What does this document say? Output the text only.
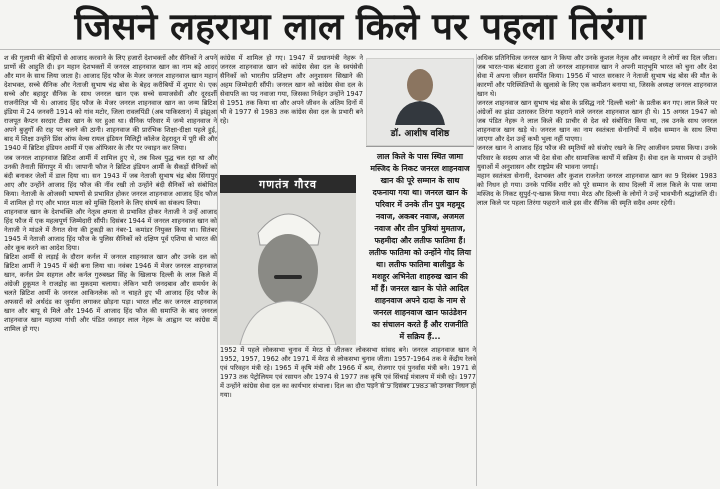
जिसने लहराया लाल किले पर पहला तिरंगा

श की गुलामी की बेड़ियों से आजाद करवाने के लिए हजारों देशभक्तों और सैनिकों ने अपने प्राणों की आहुति दी। इन महान देशभक्तों में जनरल शाहनवाज खान का नाम बड़े आदर और मान के साथ लिया जाता है। आजाद हिंद फौज के मेजर जनरल शाहनवाज खान महान देशभक्त, सच्चे सैनिक और नेताजी सुभाष चंद्र बोस के बेहद करीबियों में शुमार थे। एक सच्चे और बहादुर सैनिक के साथ जनरल खान एक सच्चे समाजसेवी और दूरदर्शी राजनीतिज्ञ भी थे। आजाद हिंद फौज के मेजर जनरल शाहनवाज खान का जन्म ब्रिटिश इंडिया में 24 जनवरी 1914 को गांव मटोर, जिला रावलपिंडी (अब पाकिस्तान) में झंझुआ राजपूत कैप्टन सरदार टीका खान के घर हुआ था। सैनिक परिवार में जन्मे शाहनवाज ने अपने बुजुर्गों की राह पर चलने की ठानी। शाहनवाज की प्रारंभिक शिक्षा-दीक्षा पहले हुई, बाद में शिक्षा उन्होंने प्रिंस ऑफ वेल्स रायल इंडियन मिलिट्री कॉलेज देहरादून में पूरी की और 1940 में ब्रिटिश इंडियन आर्मी में एक ऑफिसर के तौर पर ज्वाइन कर लिया।

जब जनरल शाहनवाज ब्रिटिश आर्मी में शामिल हुए थे, तब विश्व युद्ध चल रहा था और उनकी तैनाती सिंगापुर में थी। जापानी फौज ने ब्रिटिश इंडियन आर्मी के सैकड़ों सैनिकों को बंदी बनाकर जेलों में डाल दिया था। सन 1943 में जब नेताजी सुभाष चंद्र बोस सिंगापुर आए और उन्होंने आजाद हिंद फौज की नींव रखी तो उन्होंने बंदी सैनिकों को संबोधित किया। नेताजी के ओजस्वी भाषणों से प्रभावित होकर जनरल शाहनवाज आजाद हिंद फौज में शामिल हो गए और भारत माता को मुक्ति दिलाने के लिए संघर्ष का संकल्प लिया।

शाहनवाज खान के देशभक्ति और नेतृत्व क्षमता से प्रभावित होकर नेताजी ने उन्हें आजाद हिंद फौज में एक महत्वपूर्ण जिम्मेदारी सौंपी। दिसंबर 1944 में जनरल शाहनवाज खान को नेताजी ने मांडले में तैनात सेना की टुकड़ी का नंबर-1 कमांडर नियुक्त किया था। सितंबर 1945 में नेताजी आजाद हिंद फौज के पुलिस सैनिकों को दक्षिण पूर्व एशिया से भारत की ओर कूच करने का आदेश दिया।

ब्रिटिश आर्मी से लड़ाई के दौरान कर्नल में जनरल शाहनवाज खान और उनके दल को ब्रिटिश आर्मी ने 1945 में बंदी बना लिया था। नवंबर 1946 में मेजर जनरल शाहनवाज खान, कर्नल प्रेम सहगल और कर्नल गुरुबख्श सिंह के खिलाफ दिल्ली के लाल किले में अंग्रेजी हुकूमत ने राजद्रोह का मुकदमा चलाया। लेकिन भारी जनदबाव और समर्थन के चलते ब्रिटिश आर्मी के जनरल आकिनलेक को न चाहते हुए भी आजाद हिंद फौज के अफसरों को अर्थदंड का जुर्माना लगाकर छोड़ना पड़ा। भारत लौट कर जनरल शाहनवाज खान और बापू से मिले और 1946 में आजाद हिंद फौज की समाप्ति के बाद जनरल शाहनवाज खान महात्मा गांधी और पंडित जवाहर लाल नेहरू के आह्वान पर कांग्रेस में शामिल हो गए।

कांग्रेस में शामिल हो गए। 1947 में प्रधानमंत्री नेहरू ने जनरल शाहनवाज खान को कांग्रेस सेवा दल के स्वयंसेवी सैनिकों को भारतीय प्रशिक्षण और अनुशासन सिखाने की अहम जिम्मेदारी सौंपी। जनरल खान को कांग्रेस सेवा दल के सेवापति का पद नवाजा गया, जिसका निर्वहन उन्होंने 1947 से 1951 तक किया था और अपने जीवन के अंतिम दिनों में भी वे 1977 से 1983 तक कांग्रेस सेवा दल के प्रभारी बने रहे।

गणतंत्र गौरव

1952 में पहले लोकसभा चुनाव में मेरठ से जीतकर लोकसभा सांसद बने। जनरल शाहनवाज खान ने 1952, 1957, 1962 और 1971 में मेरठ से लोकसभा चुनाव जीता। 1957-1964 तक वे केंद्रीय रेलवे एवं परिवहन मंत्री रहे। 1965 में कृषि मंत्री और 1966 में श्रम, रोजगार एवं पुनर्वास मंत्री बने। 1971 से 1973 तक पेट्रोलियम एवं रसायन और 1974 से 1977 तक कृषि एवं सिंचाई मंत्रालय में मंत्री रहे। 1977 में उन्होंने कांग्रेस सेवा दल का कार्यभार संभाला। दिल का दौरा पड़ने से 9 दिसंबर 1983 को उनका निधन हो गया।

डॉ. आशीष वशिष्ठ
लाल किले के पास स्थित जामा मस्जिद के निकट जनरल शाहनवाज खान की पूरे सम्मान के साथ दफनाया गया था। जनरल खान के परिवार में उनके तीन पुत्र महमूद नवाज, अकबर नवाज, अजमल नवाज और तीन पुत्रियां मुमताज, फहमीदा और लतीफ फातिमा हैं। लतीफ फातिमा को उन्होंने गोद लिया था। लतीफ फातिमा बालीवुड के मशहूर अभिनेता शाहरुख खान की माँ हैं। जनरल खान के पोते आदिल शाहनवाज अपने दादा के नाम से जनरल शाहनवाज खान फाउंडेशन का संचालन करते हैं और राजनीति में सक्रिय हैं...

अधिक प्रतिनिधित्व जनरल खान ने किया और उनके कुशल नेतृत्व और व्यवहार ने लोगों का दिल जीता। जब भारत-पाक बंटवारा हुआ तो जनरल शाहनवाज खान ने अपनी मातृभूमि भारत को चुना और देश सेवा में अपना जीवन समर्पित किया। 1956 में भारत सरकार ने नेताजी सुभाष चंद्र बोस की मौत के कारणों और परिस्थितियों के खुलासे के लिए एक कमीशन बनाया था, जिसके अध्यक्ष जनरल शाहनवाज खान थे।

जनरल शाहनवाज खान सुभाष चंद्र बोस के प्रसिद्ध नारे 'दिल्ली चलो' के प्रतीक बन गए। लाल किले पर अंग्रेजों का झंडा उतारकर तिरंगा फहराने वाले जनरल शाहनवाज खान ही थे। 15 अगस्त 1947 को जब पंडित नेहरू ने लाल किले की प्राचीर से देश को संबोधित किया था, तब उनके साथ जनरल शाहनवाज खान खड़े थे। जनरल खान का नाम स्वतंत्रता सेनानियों में सदैव सम्मान के साथ लिया जाएगा और देश उन्हें कभी भुला नहीं पाएगा।

जनरल खान ने आजाद हिंद फौज की स्मृतियों को संजोए रखने के लिए आजीवन प्रयास किया। उनके परिवार के सदस्य आज भी देश सेवा और सामाजिक कार्यों में सक्रिय हैं। सेवा दल के माध्यम से उन्होंने युवाओं में अनुशासन और राष्ट्रप्रेम की भावना जगाई।

महान स्वतंत्रता सेनानी, देशभक्त और कुशल राजनेता जनरल शाहनवाज खान का 9 दिसंबर 1983 को निधन हो गया। उनके पार्थिव शरीर को पूरे सम्मान के साथ दिल्ली में लाल किले के पास जामा मस्जिद के निकट सुपुर्द-ए-खाक किया गया। मेरठ और दिल्ली के लोगों ने उन्हें भावभीनी श्रद्धांजलि दी। लाल किले पर पहला तिरंगा फहराने वाले इस वीर सैनिक की स्मृति सदैव अमर रहेगी।
